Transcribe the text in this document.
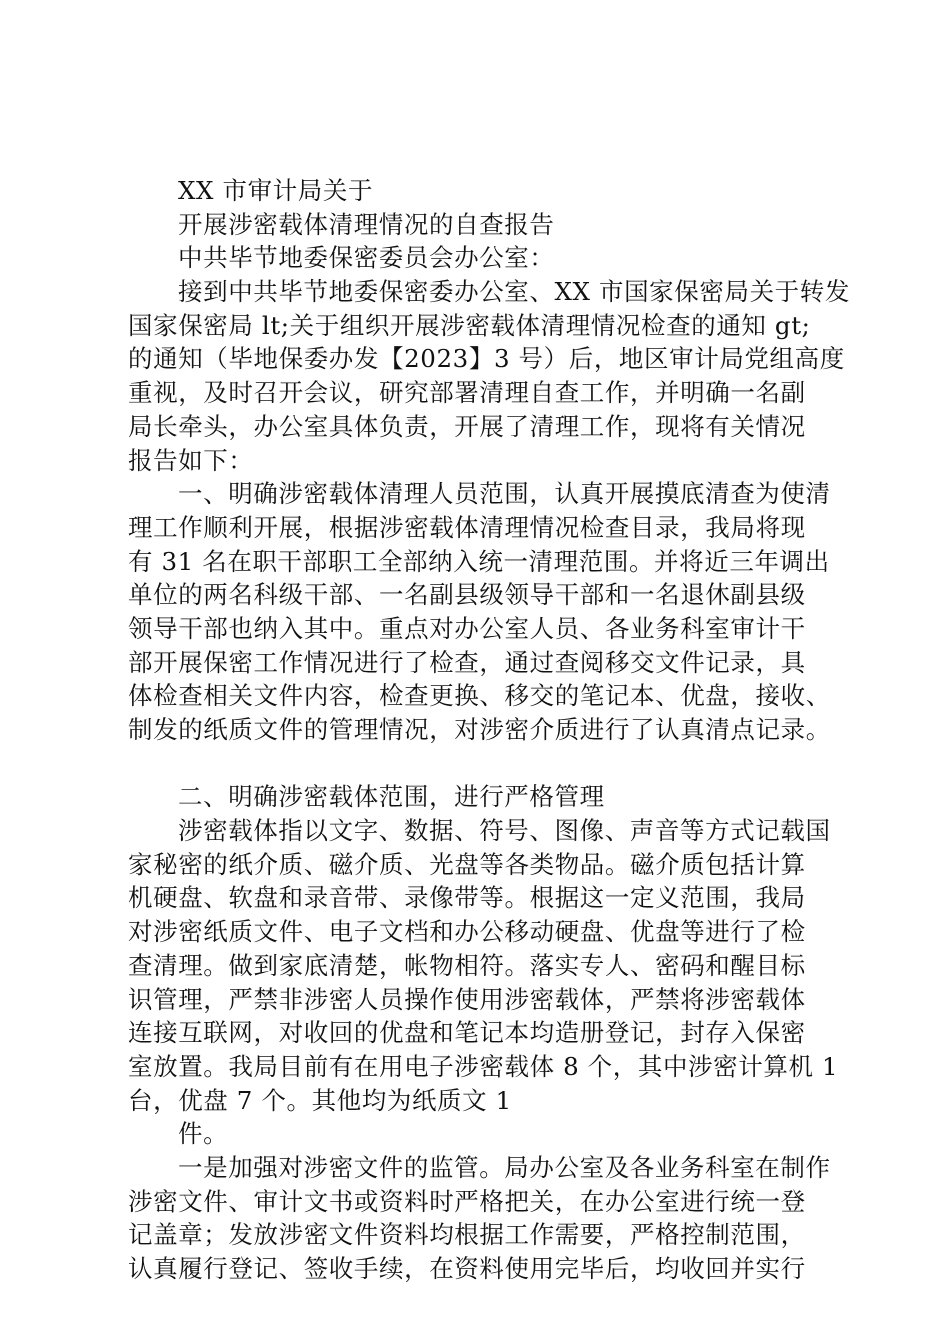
XX 市审计局关于
开展涉密载体清理情况的自查报告
中共毕节地委保密委员会办公室：
接到中共毕节地委保密委办公室、XX 市国家保密局关于转发
国家保密局 lt;关于组织开展涉密载体清理情况检查的通知 gt;
的通知（毕地保委办发【2023】3 号）后，地区审计局党组高度
重视，及时召开会议，研究部署清理自查工作，并明确一名副
局长牵头，办公室具体负责，开展了清理工作，现将有关情况
报告如下：
一、明确涉密载体清理人员范围，认真开展摸底清查为使清
理工作顺利开展，根据涉密载体清理情况检查目录，我局将现
有 31 名在职干部职工全部纳入统一清理范围。并将近三年调出
单位的两名科级干部、一名副县级领导干部和一名退休副县级
领导干部也纳入其中。重点对办公室人员、各业务科室审计干
部开展保密工作情况进行了检查，通过查阅移交文件记录，具
体检查相关文件内容，检查更换、移交的笔记本、优盘，接收、
制发的纸质文件的管理情况，对涉密介质进行了认真清点记录。
二、明确涉密载体范围，进行严格管理
涉密载体指以文字、数据、符号、图像、声音等方式记载国
家秘密的纸介质、磁介质、光盘等各类物品。磁介质包括计算
机硬盘、软盘和录音带、录像带等。根据这一定义范围，我局
对涉密纸质文件、电子文档和办公移动硬盘、优盘等进行了检
查清理。做到家底清楚，帐物相符。落实专人、密码和醒目标
识管理，严禁非涉密人员操作使用涉密载体，严禁将涉密载体
连接互联网，对收回的优盘和笔记本均造册登记，封存入保密
室放置。我局目前有在用电子涉密载体 8 个，其中涉密计算机 1
台，优盘 7 个。其他均为纸质文 1
件。
一是加强对涉密文件的监管。局办公室及各业务科室在制作
涉密文件、审计文书或资料时严格把关，在办公室进行统一登
记盖章；发放涉密文件资料均根据工作需要，严格控制范围，
认真履行登记、签收手续，在资料使用完毕后，均收回并实行
